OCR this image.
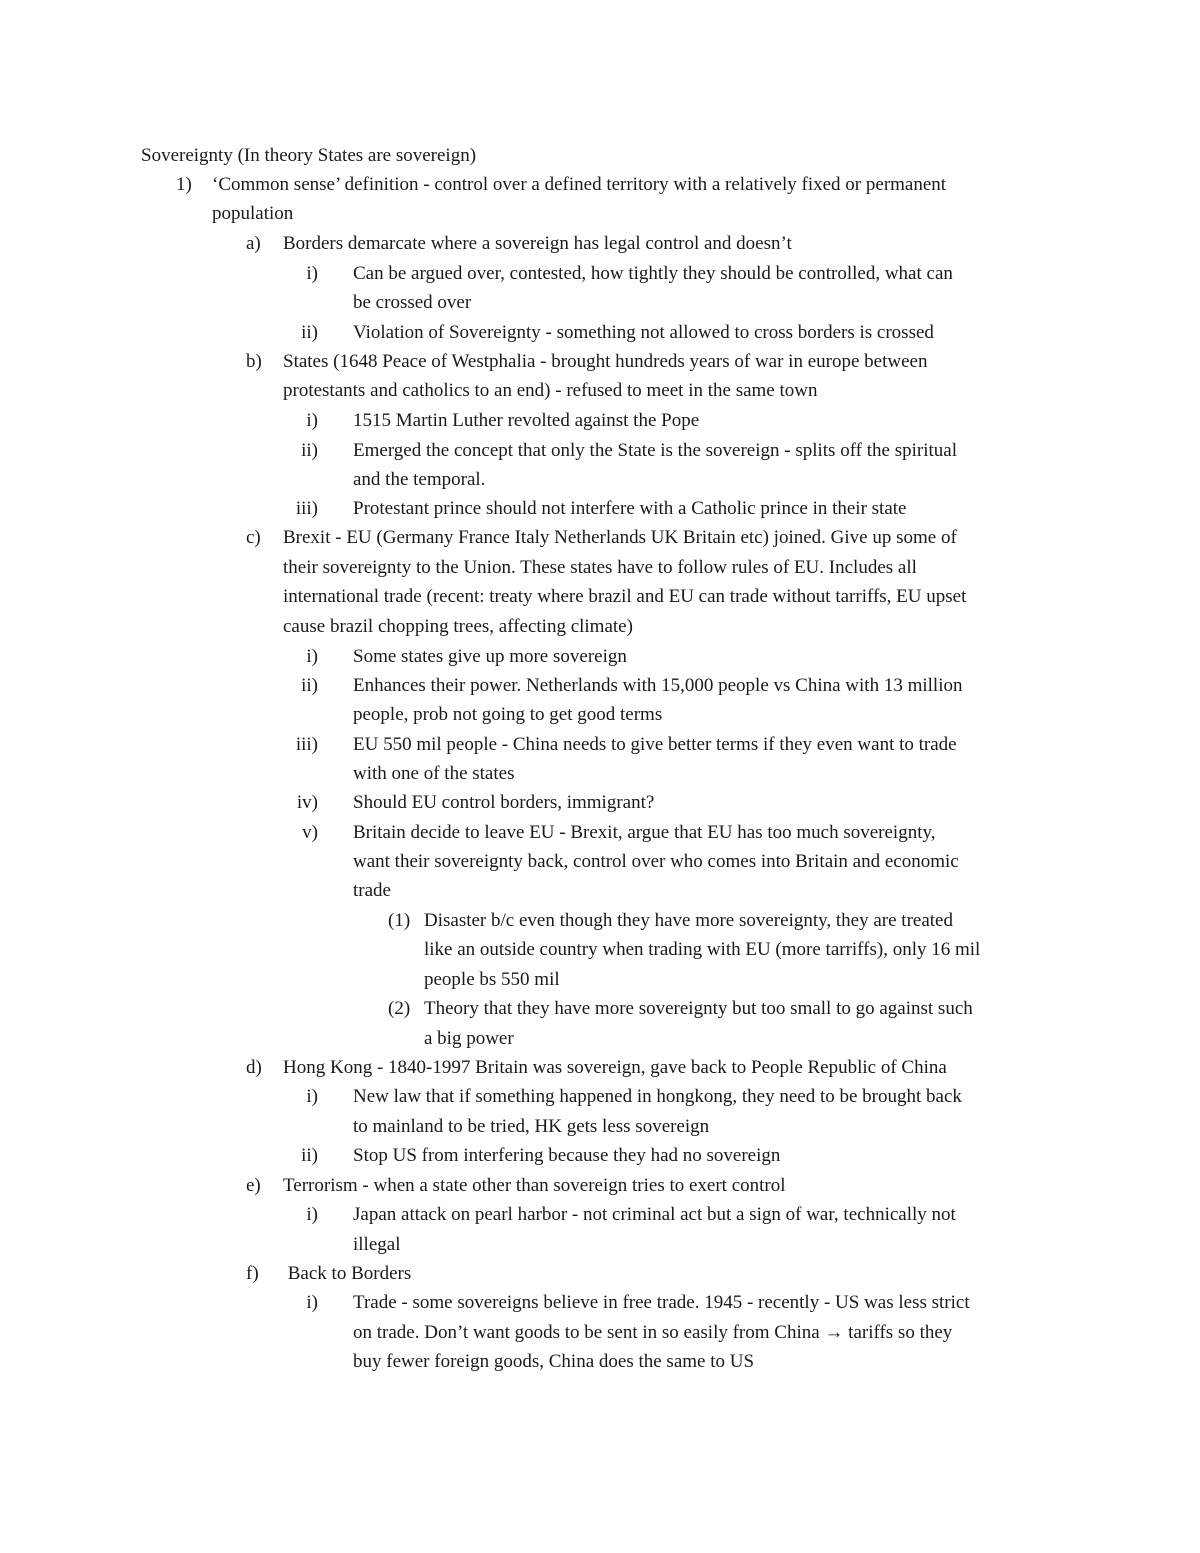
Sovereignty (In theory States are sovereign)
1) ‘Common sense’ definition - control over a defined territory with a relatively fixed or permanent
population
a) Borders demarcate where a sovereign has legal control and doesn’t
i) Can be argued over, contested, how tightly they should be controlled, what can
be crossed over
ii) Violation of Sovereignty - something not allowed to cross borders is crossed
b) States (1648 Peace of Westphalia - brought hundreds years of war in europe between
protestants and catholics to an end) - refused to meet in the same town
i) 1515 Martin Luther revolted against the Pope
ii) Emerged the concept that only the State is the sovereign - splits off the spiritual
and the temporal.
iii) Protestant prince should not interfere with a Catholic prince in their state
c) Brexit - EU (Germany France Italy Netherlands UK Britain etc) joined. Give up some of
their sovereignty to the Union. These states have to follow rules of EU. Includes all
international trade (recent: treaty where brazil and EU can trade without tarriffs, EU upset
cause brazil chopping trees, affecting climate)
i) Some states give up more sovereign
ii) Enhances their power. Netherlands with 15,000 people vs China with 13 million
people, prob not going to get good terms
iii) EU 550 mil people - China needs to give better terms if they even want to trade
with one of the states
iv) Should EU control borders, immigrant?
v) Britain decide to leave EU - Brexit, argue that EU has too much sovereignty,
want their sovereignty back, control over who comes into Britain and economic
trade
(1) Disaster b/c even though they have more sovereignty, they are treated
like an outside country when trading with EU (more tarriffs), only 16 mil
people bs 550 mil
(2) Theory that they have more sovereignty but too small to go against such
a big power
d) Hong Kong - 1840-1997 Britain was sovereign, gave back to People Republic of China
i) New law that if something happened in hongkong, they need to be brought back
to mainland to be tried, HK gets less sovereign
ii) Stop US from interfering because they had no sovereign
e) Terrorism - when a state other than sovereign tries to exert control
i) Japan attack on pearl harbor - not criminal act but a sign of war, technically not
illegal
f) Back to Borders
i) Trade - some sovereigns believe in free trade. 1945 - recently - US was less strict
on trade. Don’t want goods to be sent in so easily from China → tariffs so they
buy fewer foreign goods, China does the same to US
